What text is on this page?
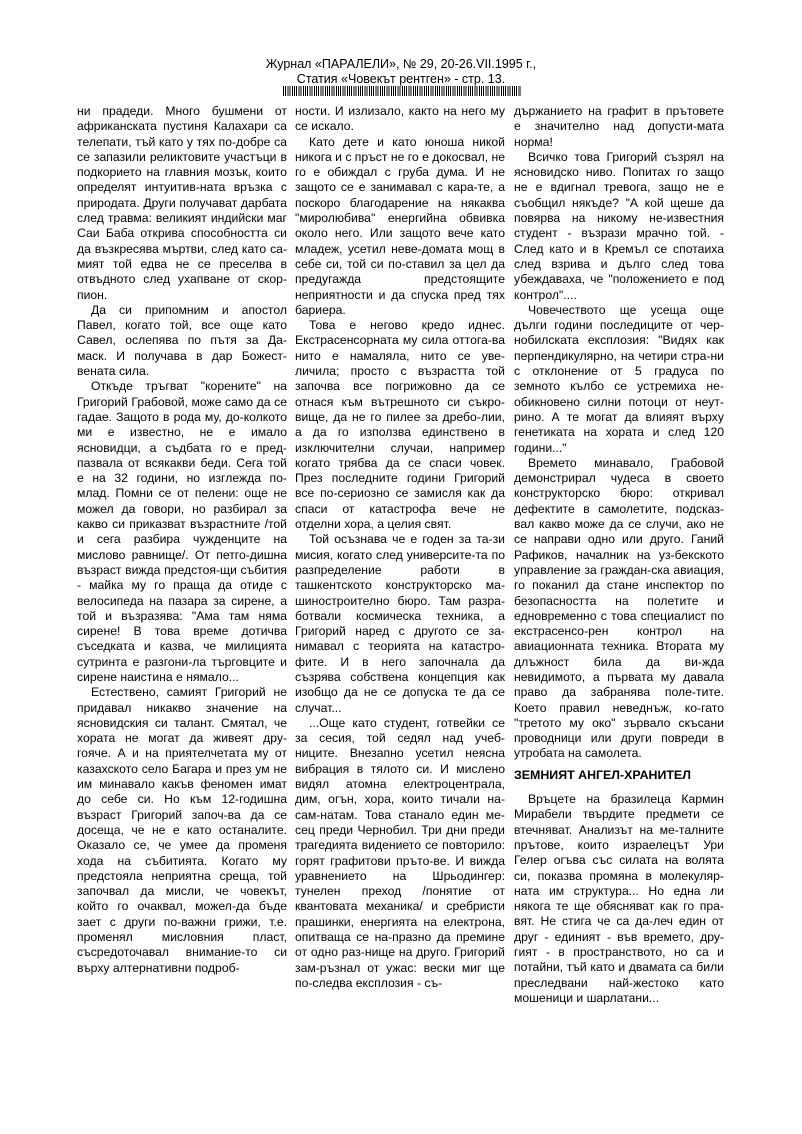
Журнал «ПАРАЛЕЛИ», № 29, 20-26.VII.1995 г.,
Статия «Човекът рентген» - стр. 13.

ни прадеди. Много бушмени от африканската пустиня Калахари са телепати, тъй като у тях по-добре са се запазили реликтовите участъци в подкорието на главния мозък, които определят интуитив-ната връзка с природата. Други получават дарбата след травма: великият индийски маг Саи Баба открива способността си да възкресява мъртви, след като са-мият той едва не се преселва в отвъдното след ухапване от скор-пион.

Да си припомним и апостол Павел, когато той, все още като Савел, ослепява по пътя за Да-маск. И получава в дар Божест-вената сила.

Откъде тръгват "корените" на Григорий Грабовой, може само да се гадае. Защото в рода му, до-колкото ми е известно, не е имало ясновидци, а съдбата го е пред-пазвала от всякакви беди. Сега той е на 32 години, но изглежда по-млад. Помни се от пелени: още не можел да говори, но разбирал за какво си приказват възрастните /той и сега разбира чужденците на мислово равнище/. От петго-дишна възраст вижда предстоя-щи събития - майка му го праща да отиде с велосипеда на пазара за сирене, а той и възразява: "Ама там няма сирене! В това време дотичва съседката и казва, че милицията сутринта е разгони-ла търговците и сирене наистина е нямало...

Естествено, самият Григорий не придавал никакво значение на ясновидския си талант. Смятал, че хората не могат да живеят дру-гояче. А и на приятелчетата му от казахското село Багара и през ум не им минавало какъв феномен имат до себе си. Но към 12-годишна възраст Григорий започ-ва да се досеща, че не е като останалите. Оказало се, че умее да променя хода на събитията. Когато му предстояла неприятна среща, той започвал да мисли, че човекът, който го очаквал, можел-да бъде зает с други по-важни грижи, т.е. променял мисловния пласт, съсредоточавал вниманиe-то си върху алтернативни подроб-

ности. И излизало, както на него му се искало.

Като дете и като юноша никой никога и с пръст не го е докосвал, не го е обиждал с груба дума. И не защото се е занимавал с кара-те, а поскоро благодарение на някаква "миролюбива" енергийна обвивка около него. Или защото вече като младеж, усетил неве-домата мощ в себе си, той си по-ставил за цел да предугажда предстоящите неприятности и да спуска пред тях бариера.

Това е негово кредо иднес. Екстрасенсорната му сила оттога-ва нито е намаляла, нито се уве-личила; просто с възрастта той започва все погрижовно да се отнася към вътрешното си съкро-вище, да не го пилее за дребо-лии, а да го използва единствено в изключителни случаи, например когато трябва да се спаси човек. През последните години Григорий все по-сериозно се замисля как да спаси от катастрофа вече не отделни хора, а целия свят.

Той осъзнава че е годен за та-зи мисия, когато след университе-та по разпределение работи в ташкентското конструкторско ма-шиностроително бюро. Там разра-ботвали космическа техника, а Григорий наред с другото се за-нимавал с теорията на катастро-фите. И в него започнала да съзрява собствена концепция как изобщо да не се допуска те да се случат...

...Още като студент, готвейки се за сесия, той седял над учеб-ниците. Внезапно усетил неясна вибрация в тялото си. И мислено видял атомна електроцентрала, дим, огън, хора, които тичали на-сам-натам. Това станало един ме-сец преди Чернобил. Три дни преди трагедията видението се повторило: горят графитови пръто-ве. И вижда уравнението на Шрьодингер: тунелен преход /понятие от квантовата механика/ и сребристи прашинки, енергията на електрона, опитваща се на-празно да премине от одно раз-нище на друго. Григорий зам-ръзнал от ужас: вески миг ще по-следва експлозия - съ-

държанието на графит в прътовете е значително над допусти-мата норма!

Всичко това Григорий съзрял на ясновидско ниво. Попитах го защо не е вдигнал тревога, защо не е съобщил някъде? "А кой щеше да повярва на никому не-известния студент - възрази мрачно той. - След като и в Кремъл се спотаиха след взрива и дълго след това убеждаваха, че "положението е под контрол"....

Човечеството ще усеща още дълги години последиците от чер-нобилската експлозия: "Видях как перпендикулярно, на четири стра-ни с отклонение от 5 градуса по земното кълбо се устремиха не-обикновено силни потоци от неут-рино. А те могат да влияят върху генетиката на хората и след 120 години..."

Времето минавало, Грабовой демонстрирал чудеса в своето конструкторско бюро: откривал дефектите в самолетите, подсказ-вал какво може да се случи, ако не се направи одно или друго. Ганий Рафиков, началник на уз-бекското управление за граждан-ска авиация, го поканил да стане инспектор по безопасността на полетите и едновременно с това специалист по екстрасенсо-рен контрол на авиационната техника. Втората му длъжност била да ви-жда невидимото, а първата му давала право да забранява поле-тите. Което правил неведнъж, ко-гато "третото му око" зървало скъсани проводници или други повреди в утробата на самолета.

ЗЕМНИЯТ АНГЕЛ-ХРАНИТЕЛ

Връцете на бразилеца Кармин Мирабели твърдите предмети се втечняват. Анализът на ме-талните прътове, които израелецът Ури Гелер огъва със силата на волята си, показва промяна в молекуляр-ната им структура... Но една ли някога те ще обясняват как го пра-вят. Не стига че са да-леч един от друг - единият - във времето, дру-гият - в пространството, но са и потайни, тъй като и двамата са били преследвани най-жестоко като мошеници и шарлатани...
